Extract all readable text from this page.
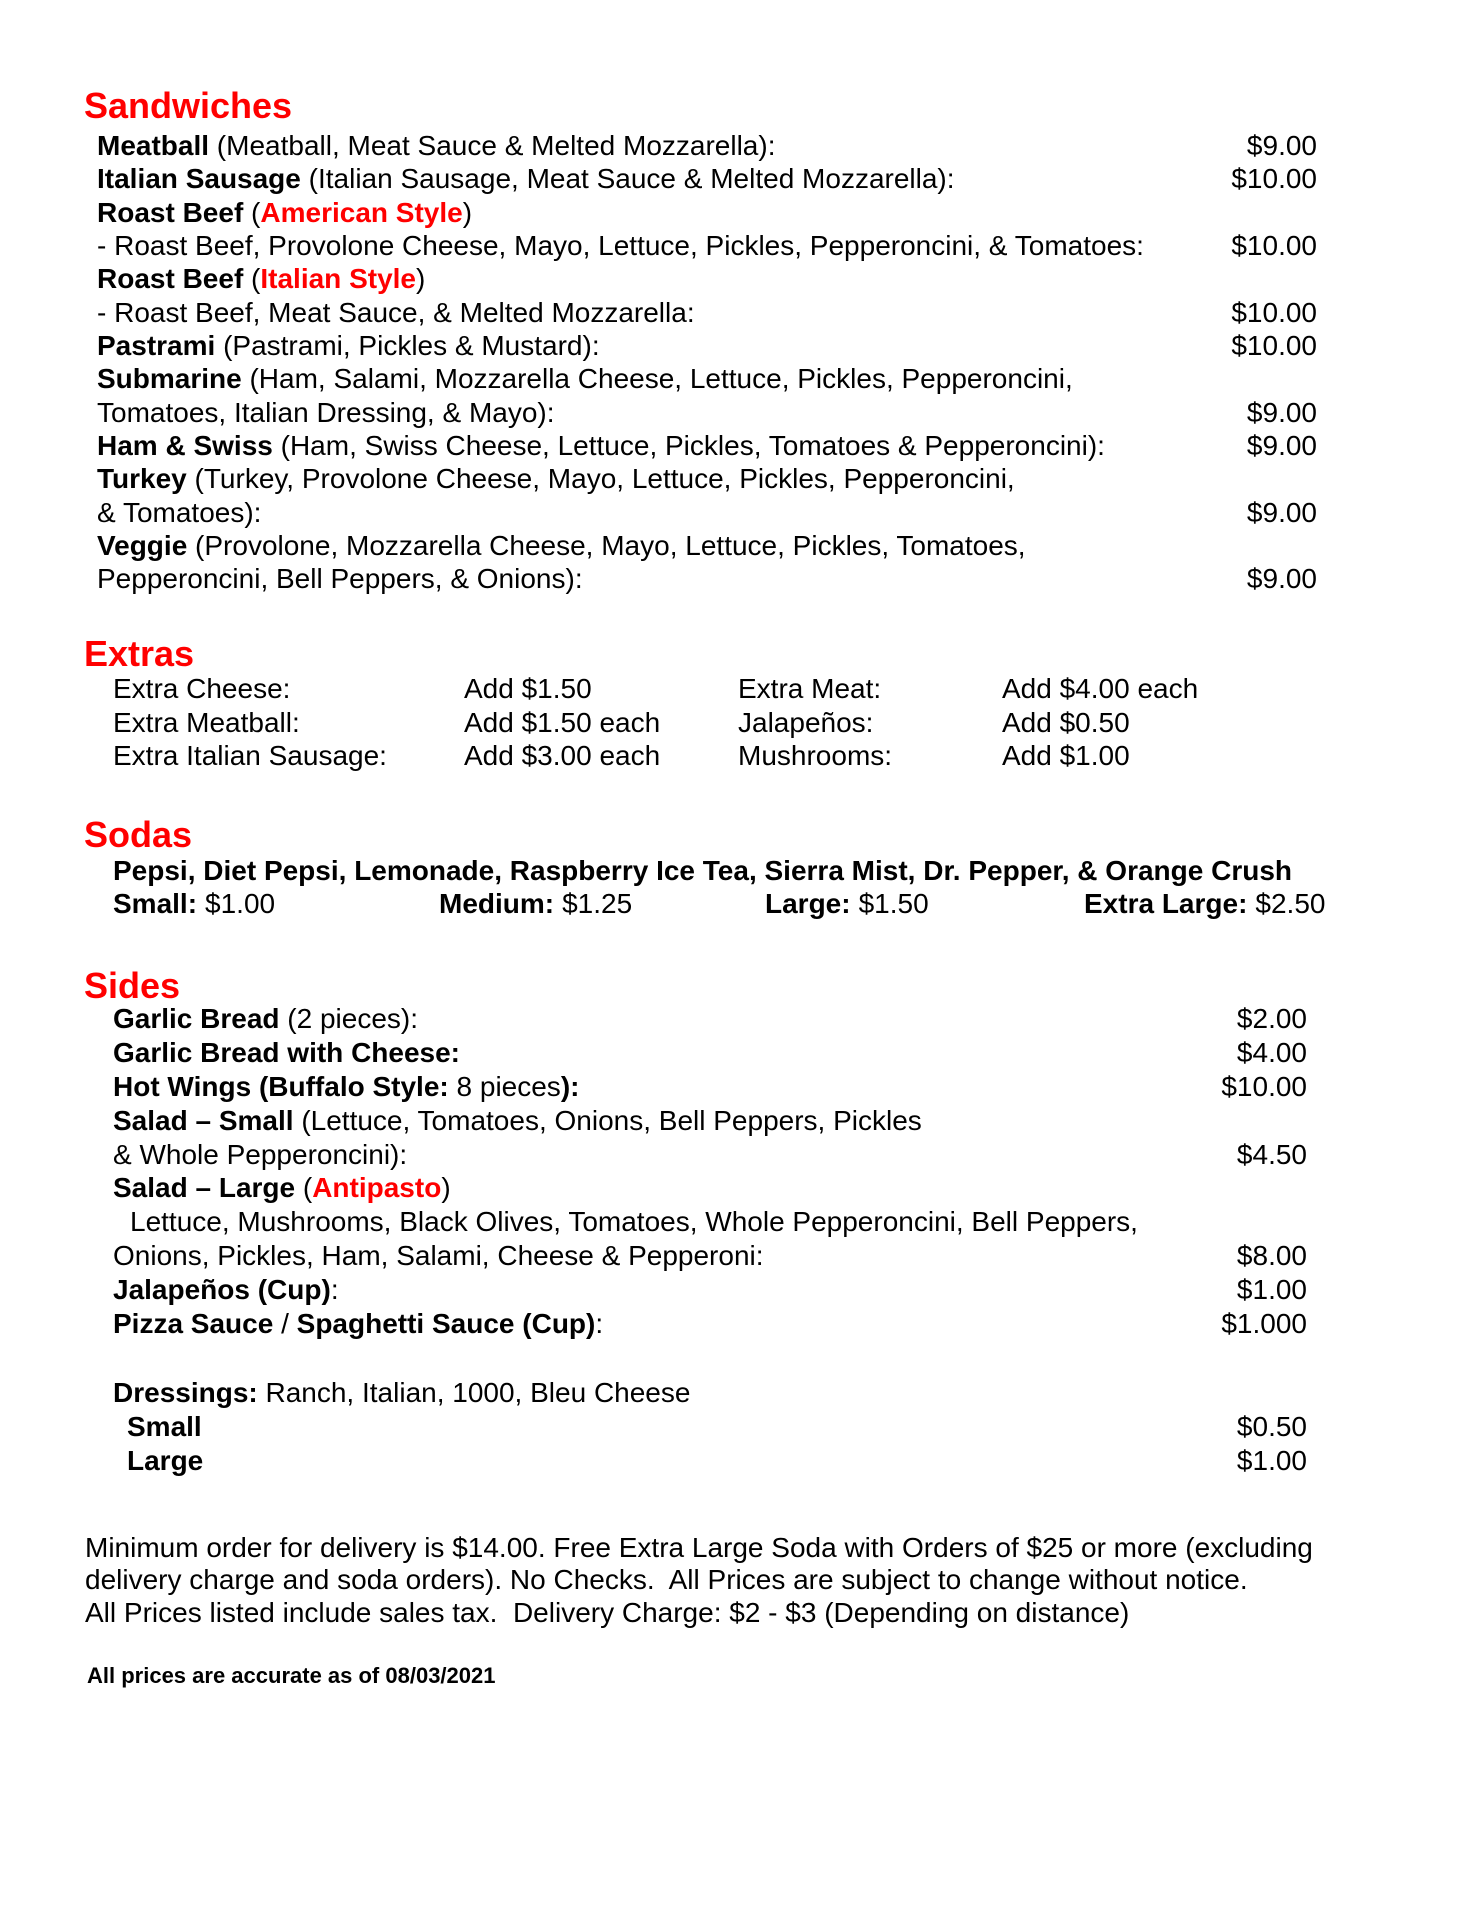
Sandwiches
Meatball (Meatball, Meat Sauce & Melted Mozzarella):	$9.00
Italian Sausage (Italian Sausage, Meat Sauce & Melted Mozzarella):	$10.00
Roast Beef ( American Style )
- Roast Beef, Provolone Cheese, Mayo, Lettuce, Pickles, Pepperoncini, & Tomatoes:	$10.00
Roast Beef ( Italian Style )
- Roast Beef, Meat Sauce, & Melted Mozzarella:	$10.00
Pastrami (Pastrami, Pickles & Mustard):	$10.00
Submarine (Ham, Salami, Mozzarella Cheese, Lettuce, Pickles, Pepperoncini,
Tomatoes, Italian Dressing, & Mayo):	$9.00
Ham & Swiss (Ham, Swiss Cheese, Lettuce, Pickles, Tomatoes & Pepperoncini):	$9.00
Turkey (Turkey, Provolone Cheese, Mayo, Lettuce, Pickles, Pepperoncini,
& Tomatoes):	$9.00
Veggie (Provolone, Mozzarella Cheese, Mayo, Lettuce, Pickles, Tomatoes,
Pepperoncini, Bell Peppers, & Onions):	$9.00
Extras
Extra Cheese:	Add $1.50	Extra Meat:	Add $4.00 each
Extra Meatball:	Add $1.50 each	Jalapeños:	Add $0.50
Extra Italian Sausage:	Add $3.00 each	Mushrooms:	Add $1.00
Sodas
Pepsi, Diet Pepsi, Lemonade, Raspberry Ice Tea, Sierra Mist, Dr. Pepper, & Orange Crush
Small: $1.00	Medium: $1.25	Large: $1.50	Extra Large: $2.50
Sides
Garlic Bread (2 pieces):	$2.00
Garlic Bread with Cheese:	$4.00
Hot Wings (Buffalo Style: 8 pieces ):	$10.00
Salad – Small (Lettuce, Tomatoes, Onions, Bell Peppers, Pickles
& Whole Pepperoncini):	$4.50
Salad – Large ( Antipasto )
Lettuce, Mushrooms, Black Olives, Tomatoes, Whole Pepperoncini, Bell Peppers,
Onions, Pickles, Ham, Salami, Cheese & Pepperoni:	$8.00
Jalapeños (Cup) :	$1.00
Pizza Sauce / Spaghetti Sauce (Cup) :	$1.000
Dressings: Ranch, Italian, 1000, Bleu Cheese
Small	$0.50
Large	$1.00
Minimum order for delivery is $14.00. Free Extra Large Soda with Orders of $25 or more (excluding
delivery charge and soda orders). No Checks.  All Prices are subject to change without notice.
All Prices listed include sales tax.  Delivery Charge: $2 - $3 (Depending on distance)
All prices are accurate as of 08/03/2021
